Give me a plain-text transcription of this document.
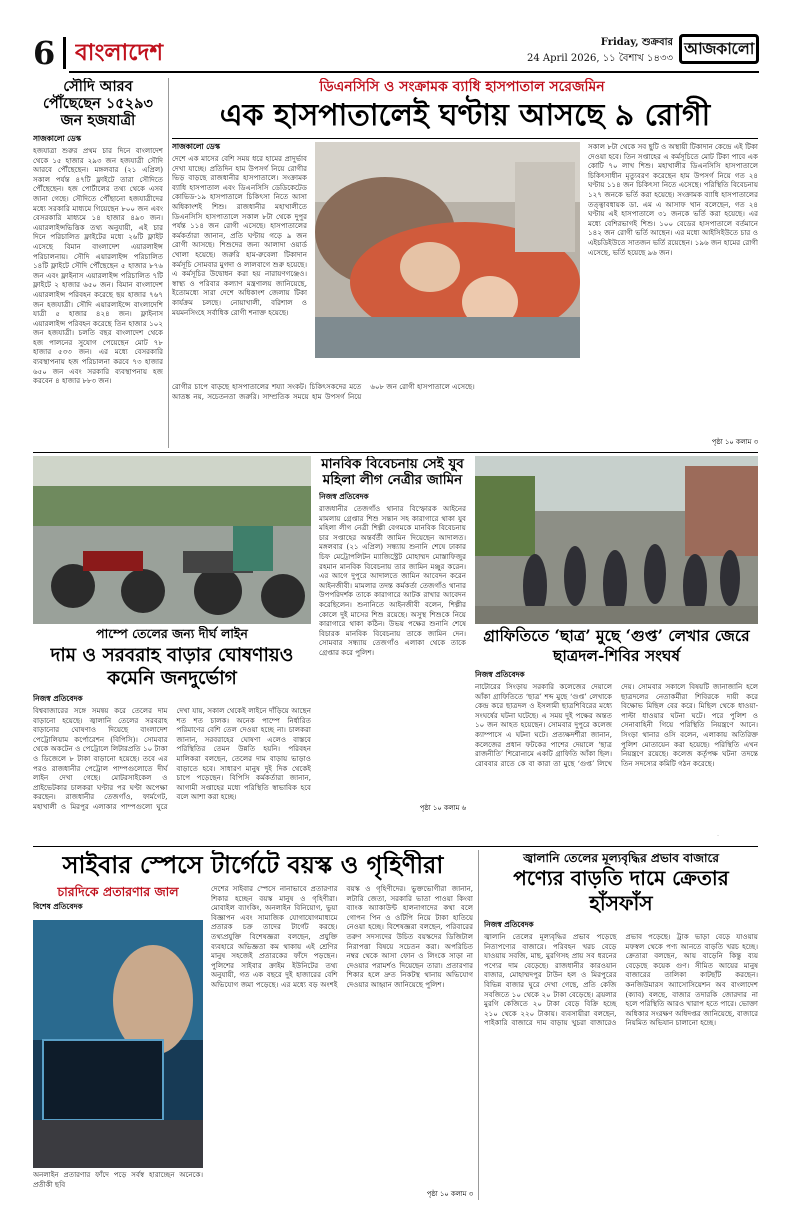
6 বাংলাদেশ	Friday, শুক্রবার
24 April 2026, ১১ বৈশাখ ১৪৩৩
আজকালো
সৌদি আরব পৌঁছেছেন ১৫২৯৩ জন হজযাত্রী
সাজকালো ডেস্ক
হজযাত্রা শুরুর প্রথম চার দিনে বাংলাদেশ থেকে ১৫ হাজার ২৯৩ জন হজযাত্রী সৌদি আরবে পৌঁছেছেন। মঙ্গলবার (২১ এপ্রিল) সকাল পর্যন্ত ৪৭টি ফ্লাইটে তারা সৌদিতে পৌঁছেছেন। হজ পোর্টালের তথ্য থেকে এসব জানা গেছে। সৌদিতে পৌঁছানো হজযাত্রীদের মধ্যে সরকারি মাধ্যমে গিয়েছেন ৮০০ জন এবং বেসরকারি মাধ্যমে ১৪ হাজার ৪৯৩ জন। এয়ারলাইন্সভিত্তিক তথ্য অনুযায়ী, এই চার দিনে পরিচালিত ফ্লাইটের মধ্যে ২৬টি ফ্লাইট এসেছে বিমান বাংলাদেশ এয়ারলাইন্স পরিচালনায়। সৌদি এয়ারলাইন্স পরিচালিত ১৪টি ফ্লাইটে সৌদি পৌঁছেছেন ৫ হাজার ৮৭৬ জন এবং ফ্লাইনাস এয়ারলাইন্স পরিচালিত ৭টি ফ্লাইটে ২ হাজার ৬৫০ জন। বিমান বাংলাদেশ এয়ারলাইন্স পরিবহন করেছে ছয় হাজার ৭৬৭ জন হজযাত্রী। সৌদি এয়ারলাইন্সে বাংলাদেশি যাত্রী ৫ হাজার ৪২৪ জন। ফ্লাইনাস এয়ারলাইন্স পরিবহন করেছে তিন হাজার ১০২ জন হজযাত্রী। চলতি বছর বাংলাদেশ থেকে হজ পালনের সুযোগ পেয়েছেন মোট ৭৮ হাজার ৫৩৩ জন। এর মধ্যে বেসরকারি ব্যবস্থাপনায় হজ পরিচালনা করবে ৭৩ হাজার ৬৫০ জন এবং সরকারি ব্যবস্থাপনায় হজ করবেন ৪ হাজার ৮৮৩ জন।
ডিএনসিসি ও সংক্রামক ব্যাধি হাসপাতাল সরেজমিন
এক হাসপাতালেই ঘণ্টায় আসছে ৯ রোগী
সাজকালো ডেস্ক
দেশে এক মাসের বেশি সময় ধরে হামের প্রাদুর্ভাব দেখা যাচ্ছে। প্রতিদিন হাম উপসর্গ নিয়ে রোগীর ভিড় বাড়ছে রাজধানীর হাসপাতালে। সংক্রামক ব্যাধি হাসপাতাল এবং ডিএনসিসি ডেডিকেটেড কোভিড-১৯ হাসপাতালে চিকিৎসা নিতে আসা অধিকাংশই শিশু। রাজধানীর মহাখালীতে ডিএনসিসি হাসপাতালে সকাল ৮টা থেকে দুপুর পর্যন্ত ১১৪ জন রোগী এসেছে। হাসপাতালের কর্মকর্তারা জানান, প্রতি ঘণ্টায় গড়ে ৯ জন রোগী আসছে। শিশুদের জন্য আলাদা ওয়ার্ড খোলা হয়েছে। জরুরি হাম-রুবেলা টিকাদান কর্মসূচি সোমবার মুগদা ও লালবাগে শুরু হয়েছে। এ কর্মসূচির উদ্বোধন করা হয় নারায়ণগঞ্জেও। স্বাস্থ্য ও পরিবার কল্যাণ মন্ত্রণালয় জানিয়েছে, ইতোমধ্যে সারা দেশে অধিকাংশ জেলায় টিকা কার্যক্রম চলছে। নোয়াখালী, বরিশাল ও ময়মনসিংহে সর্বাধিক রোগী শনাক্ত হয়েছে।
সকাল ৮টা থেকে সব ছুটি ও অস্থায়ী টিকাদান কেন্দ্রে এই টিকা দেওয়া হবে। তিন সপ্তাহের এ কর্মসূচিতে মোট টিকা পাবে এক কোটি ৭০ লাখ শিশু। মহাখালীর ডিএনসিসি হাসপাতালে চিকিৎসাধীন মৃত্যুবরণ করেছেন হাম উপসর্গ নিয়ে গত ২৪ ঘণ্টায় ১১৪ জন চিকিৎসা নিতে এসেছে। পরিস্থিতি বিবেচনায় ১২৭ জনকে ভর্তি করা হয়েছে। সংক্রামক ব্যাধি হাসপাতালের তত্ত্বাবধায়ক ডা. এম এ আসাফ খান বলেছেন, গত ২৪ ঘণ্টায় এই হাসপাতালে ৩১ জনকে ভর্তি করা হয়েছে। এর মধ্যে বেশিরভাগই শিশু। ১০০ বেডের হাসপাতালে বর্তমানে ১৪২ জন রোগী ভর্তি আছেন। এর মধ্যে আইসিইউতে চার ও এইচডিইউতে সাতজন ভর্তি রয়েছেন। ১৯৬ জন হামের রোগী এসেছে, ভর্তি হয়েছে ৯৬ জন।
রোগীর চাপে বাড়ছে হাসপাতালের শয্যা সংকট। চিকিৎসকদের মতে আতঙ্ক নয়, সচেতনতা জরুরি। সাম্প্রতিক সময়ে হাম উপসর্গ নিয়ে ৬০৮ জন রোগী হাসপাতালে এসেছে।
পৃষ্ঠা ১০ কলাম ৩
মানবিক বিবেচনায় সেই যুব মহিলা লীগ নেত্রীর জামিন
নিজস্ব প্রতিবেদক
রাজধানীর তেজগাঁও থানার বিস্ফোরক আইনের মামলায় গ্রেপ্তার শিশু সন্তান সহ কারাগারে থাকা যুব মহিলা লীগ নেত্রী শিল্পী বেগমকে মানবিক বিবেচনায় চার সপ্তাহের অন্তর্বর্তী জামিন দিয়েছেন আদালত। মঙ্গলবার (২১ এপ্রিল) সন্ধ্যায় শুনানি শেষে ঢাকার চিফ মেট্রোপলিটন ম্যাজিস্ট্রেট মোহাম্মদ মোস্তাফিজুর রহমান মানবিক বিবেচনায় তার জামিন মঞ্জুর করেন। এর আগে দুপুরে আদালতে জামিন আবেদন করেন আইনজীবী। মামলার তদন্ত কর্মকর্তা তেজগাঁও থানার উপপরিদর্শক তাকে কারাগারে আটক রাখার আবেদন করেছিলেন। শুনানিতে আইনজীবী বলেন, শিল্পীর কোলে দুই মাসের শিশু রয়েছে। অসুস্থ শিশুকে নিয়ে কারাগারে থাকা কঠিন। উভয় পক্ষের শুনানি শেষে বিচারক মানবিক বিবেচনায় তাকে জামিন দেন। সোমবার সন্ধ্যায় তেজগাঁও এলাকা থেকে তাকে গ্রেপ্তার করে পুলিশ।
পৃষ্ঠা ১০ কলাম ৬
পাম্পে তেলের জন্য দীর্ঘ লাইন
দাম ও সরবরাহ বাড়ার ঘোষণায়ও কমেনি জনদুর্ভোগ
নিজস্ব প্রতিবেদক
বিশ্ববাজারের সঙ্গে সমন্বয় করে তেলের দাম বাড়ানো হয়েছে। জ্বালানি তেলের সরবরাহ বাড়ানোর ঘোষণাও দিয়েছে বাংলাদেশ পেট্রোলিয়াম কর্পোরেশন (বিপিসি)। সোমবার থেকে অকটেন ও পেট্রোলে লিটারপ্রতি ১০ টাকা ও ডিজেলে ৮ টাকা বাড়ানো হয়েছে। তবে এর পরও রাজধানীর পেট্রোল পাম্পগুলোতে দীর্ঘ লাইন দেখা গেছে। মোটরসাইকেল ও প্রাইভেটকার চালকরা ঘণ্টার পর ঘণ্টা অপেক্ষা করছেন। রাজধানীর তেজগাঁও, ফার্মগেট, মহাখালী ও মিরপুর এলাকার পাম্পগুলো ঘুরে দেখা যায়, সকাল থেকেই লাইনে দাঁড়িয়ে আছেন শত শত চালক। অনেক পাম্পে নির্ধারিত পরিমাণের বেশি তেল দেওয়া হচ্ছে না। চালকরা জানান, সরবরাহের ঘোষণা এলেও বাস্তবে পরিস্থিতির তেমন উন্নতি হয়নি। পরিবহন মালিকরা বলছেন, তেলের দাম বাড়ায় ভাড়াও বাড়াতে হবে। সাধারণ মানুষ দুই দিক থেকেই চাপে পড়েছেন। বিপিসি কর্মকর্তারা জানান, আগামী সপ্তাহের মধ্যে পরিস্থিতি স্বাভাবিক হবে বলে আশা করা হচ্ছে।
গ্রাফিতিতে ‘ছাত্র’ মুছে ‘গুপ্ত’ লেখার জেরে ছাত্রদল-শিবির সংঘর্ষ
নিজস্ব প্রতিবেদক
নাটোরের সিংড়ায় সরকারি কলেজের দেয়ালে আঁকা গ্রাফিতিতে ‘ছাত্র’ শব্দ মুছে ‘গুপ্ত’ লেখাকে কেন্দ্র করে ছাত্রদল ও ইসলামী ছাত্রশিবিরের মধ্যে সংঘর্ষের ঘটনা ঘটেছে। এ সময় দুই পক্ষের অন্তত ১০ জন আহত হয়েছেন। সোমবার দুপুরে কলেজ ক্যাম্পাসে এ ঘটনা ঘটে। প্রত্যক্ষদর্শীরা জানান, কলেজের প্রধান ফটকের পাশের দেয়ালে ‘ছাত্র রাজনীতি’ শিরোনামে একটি গ্রাফিতি আঁকা ছিল। রোববার রাতে কে বা কারা তা মুছে ‘গুপ্ত’ লিখে দেয়। সোমবার সকালে বিষয়টি জানাজানি হলে ছাত্রদলের নেতাকর্মীরা শিবিরকে দায়ী করে বিক্ষোভ মিছিল বের করে। মিছিল থেকে ধাওয়া-পাল্টা ধাওয়ার ঘটনা ঘটে। পরে পুলিশ ও সেনাবাহিনী গিয়ে পরিস্থিতি নিয়ন্ত্রণে আনে। সিংড়া থানার ওসি বলেন, এলাকায় অতিরিক্ত পুলিশ মোতায়েন করা হয়েছে। পরিস্থিতি এখন নিয়ন্ত্রণে রয়েছে। কলেজ কর্তৃপক্ষ ঘটনা তদন্তে তিন সদস্যের কমিটি গঠন করেছে।
সাইবার স্পেসে টার্গেটে বয়স্ক ও গৃহিণীরা
চারদিকে প্রতারণার জাল
বিশেষ প্রতিবেদক
অনলাইন প্রতারণার ফাঁদে পড়ে সর্বস্ব হারাচ্ছেন অনেকে। প্রতীকী ছবি
দেশের সাইবার স্পেসে নানাভাবে প্রতারণার শিকার হচ্ছেন বয়স্ক মানুষ ও গৃহিণীরা। মোবাইল ব্যাংকিং, অনলাইন বিনিয়োগ, ভুয়া বিজ্ঞাপন এবং সামাজিক যোগাযোগমাধ্যমে প্রতারক চক্র তাদের টার্গেট করছে। তথ্যপ্রযুক্তি বিশেষজ্ঞরা বলছেন, প্রযুক্তি ব্যবহারে অভিজ্ঞতা কম থাকায় এই শ্রেণির মানুষ সহজেই প্রতারকের ফাঁদে পড়ছেন। পুলিশের সাইবার ক্রাইম ইউনিটের তথ্য অনুযায়ী, গত এক বছরে দুই হাজারের বেশি অভিযোগ জমা পড়েছে। এর মধ্যে বড় অংশই বয়স্ক ও গৃহিণীদের। ভুক্তভোগীরা জানান, লটারি জেতা, সরকারি ভাতা পাওয়া কিংবা ব্যাংক অ্যাকাউন্ট হালনাগাদের কথা বলে গোপন পিন ও ওটিপি নিয়ে টাকা হাতিয়ে নেওয়া হচ্ছে। বিশেষজ্ঞরা বলছেন, পরিবারের তরুণ সদস্যদের উচিত বয়স্কদের ডিজিটাল নিরাপত্তা বিষয়ে সচেতন করা। অপরিচিত নম্বর থেকে আসা ফোন ও লিংকে সাড়া না দেওয়ার পরামর্শও দিয়েছেন তারা। প্রতারণার শিকার হলে দ্রুত নিকটস্থ থানায় অভিযোগ দেওয়ার আহ্বান জানিয়েছে পুলিশ।
পৃষ্ঠা ১০ কলাম ৩
জ্বালানি তেলের মূল্যবৃদ্ধির প্রভাব বাজারে
পণ্যের বাড়তি দামে ক্রেতার হাঁসফাঁস
নিজস্ব প্রতিবেদক
জ্বালানি তেলের মূল্যবৃদ্ধির প্রভাব পড়েছে নিত্যপণ্যের বাজারে। পরিবহন খরচ বেড়ে যাওয়ায় সবজি, মাছ, মুরগিসহ প্রায় সব ধরনের পণ্যের দাম বেড়েছে। রাজধানীর কারওয়ান বাজার, মোহাম্মদপুর টাউন হল ও মিরপুরের বিভিন্ন বাজার ঘুরে দেখা গেছে, প্রতি কেজি সবজিতে ১০ থেকে ২০ টাকা বেড়েছে। ব্রয়লার মুরগি কেজিতে ২০ টাকা বেড়ে বিক্রি হচ্ছে ২১০ থেকে ২২০ টাকায়। ব্যবসায়ীরা বলছেন, পাইকারি বাজারে দাম বাড়ায় খুচরা বাজারেও প্রভাব পড়েছে। ট্রাক ভাড়া বেড়ে যাওয়ায় মফস্বল থেকে পণ্য আনতে বাড়তি খরচ হচ্ছে। ক্রেতারা বলছেন, আয় বাড়েনি কিন্তু ব্যয় বেড়েছে কয়েক গুণ। সীমিত আয়ের মানুষ বাজারের তালিকা কাটছাঁট করছেন। কনজিউমারস অ্যাসোসিয়েশন অব বাংলাদেশ (ক্যাব) বলছে, বাজার তদারকি জোরদার না হলে পরিস্থিতি আরও খারাপ হতে পারে। ভোক্তা অধিকার সংরক্ষণ অধিদপ্তর জানিয়েছে, বাজারে নিয়মিত অভিযান চালানো হচ্ছে।
